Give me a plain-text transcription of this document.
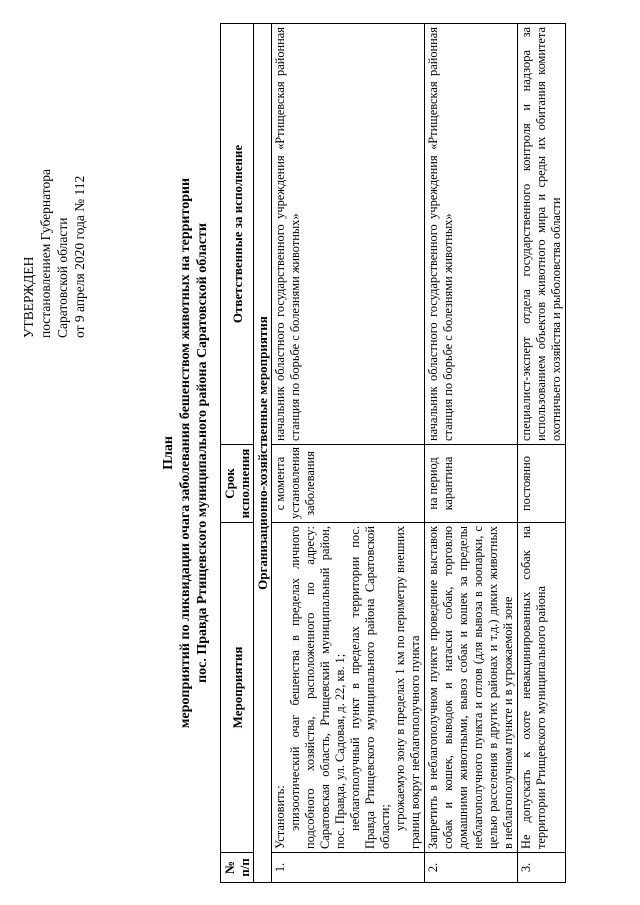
УТВЕРЖДЕН постановлением Губернатора Саратовской области от 9 апреля 2020 года № 112
План мероприятий по ликвидации очага заболевания бешенством животных на территории пос. Правда Ртищевского муниципального района Саратовской области
№ п/п	Мероприятия	Срок исполнения	Ответственные за исполнение
Организационно-хозяйственные мероприятия			
1.	Установить: эпизоотический очаг бешенства в пределах личного подсобного хозяйства, расположенного по адресу: Саратовская область, Ртищевский муниципальный район, пос. Правда, ул. Садовая, д. 22, кв. 1; неблагополучный пункт в пределах территории пос. Правда Ртищевского муниципального района Саратовской области; угрожаемую зону в пределах 1 км по периметру внешних границ вокруг неблагополучного пункта	с момента установления заболевания	начальник областного государственного учреждения «Ртищевская районная станция по борьбе с болезнями животных»
2.	Запретить в неблагополучном пункте проведение выставок собак и кошек, выводок и натаски собак, торговлю домашними животными, вывоз собак и кошек за пределы неблагополучного пункта и отлов (для вывоза в зоопарки, с целью расселения в других районах и т.д.) диких животных в неблагополучном пункте и в угрожаемой зоне	на период карантина	начальник областного государственного учреждения «Ртищевская районная станция по борьбе с болезнями животных»
3.	Не допускать к охоте невакцинированных собак на территории Ртищевского муниципального района	постоянно	специалист-эксперт отдела государственного контроля и надзора за использованием объектов животного мира и среды их обитания комитета охотничьего хозяйства и рыболовства области
